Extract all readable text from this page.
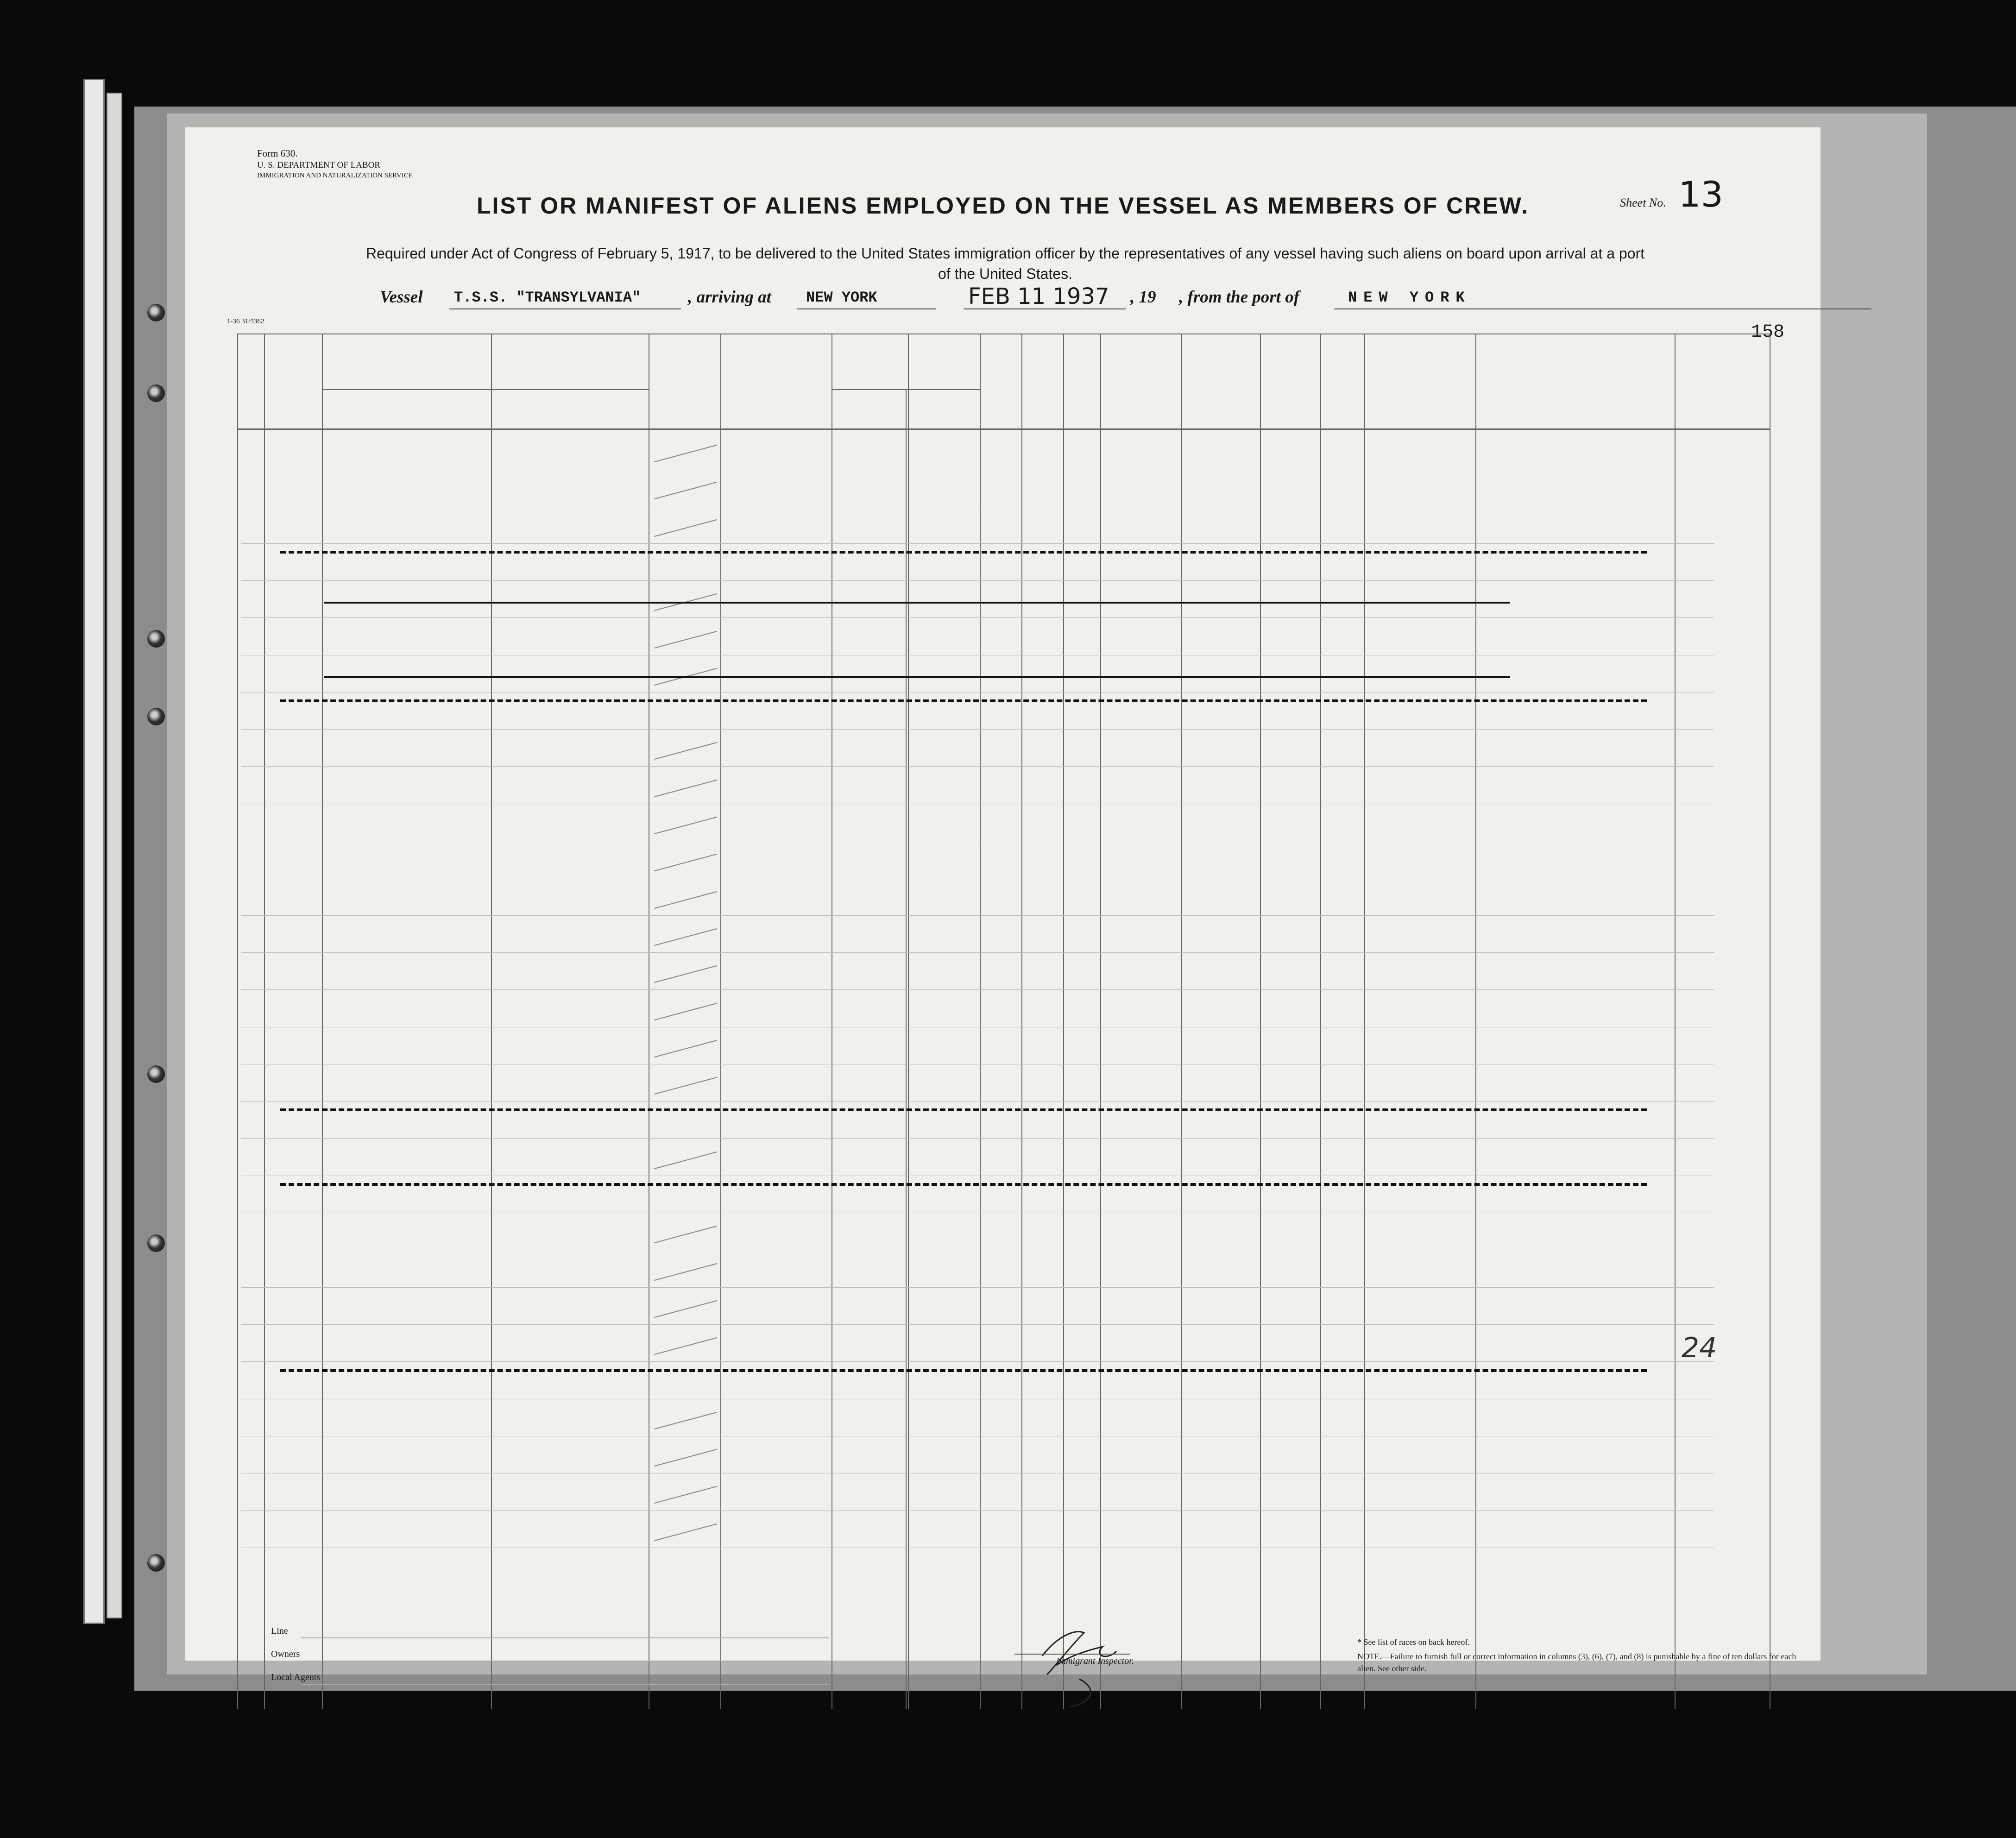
Form 630.
U. S. DEPARTMENT OF LABOR
IMMIGRATION AND NATURALIZATION SERVICE
1-36 31/5362
Sheet No. 13
LIST OR MANIFEST OF ALIENS EMPLOYED ON THE VESSEL AS MEMBERS OF CREW.
Required under Act of Congress of February 5, 1917, to be delivered to the United States immigration officer by the representatives of any vessel having such aliens on board upon arrival at a port of the United States.
Vessel T.S.S. "TRANSYLVANIA"	, arriving at NEW YORK	FEB 11 1937 , 19 , from the port of	NEW YORK
158
Line
Owners
Local Agents
Immigrant Inspector.
* See list of races on back hereof.
NOTE.—Failure to furnish full or correct information in columns (3), (6), (7), and (8) is punishable by a fine of ten dollars for each alien. See other side.
24
